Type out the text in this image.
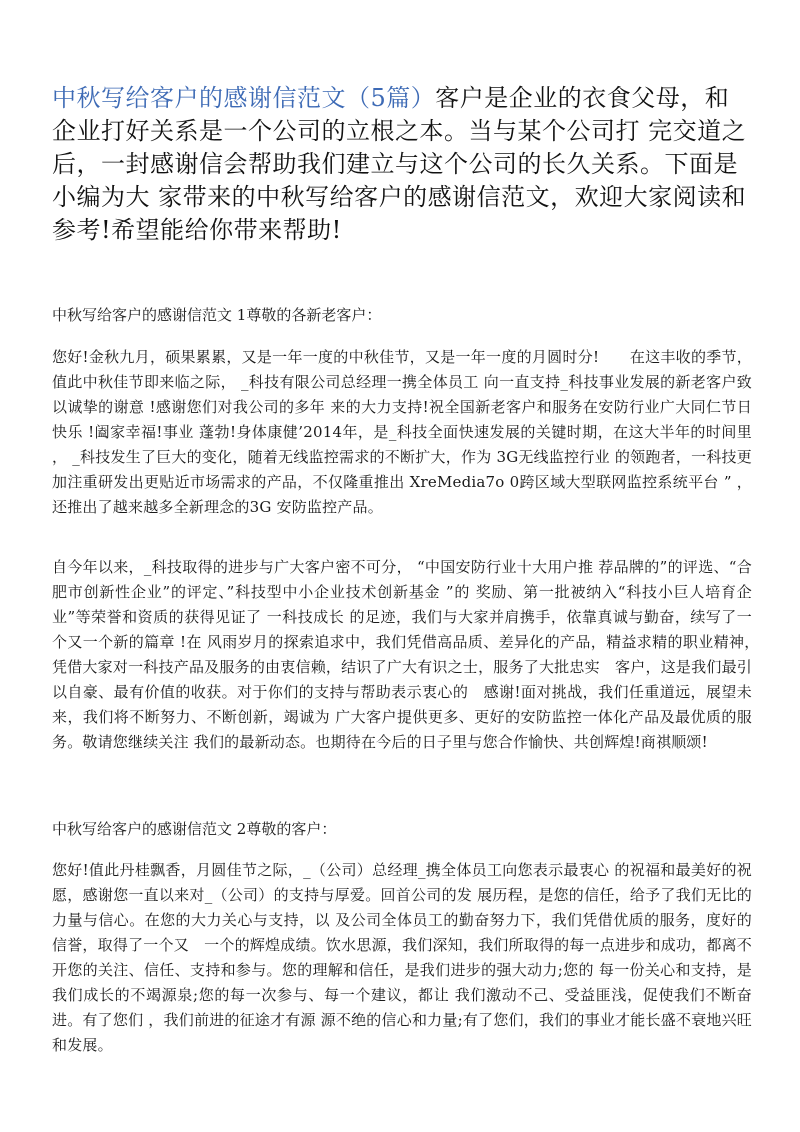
中秋写给客户的感谢信范文（5篇）客户是企业的衣食父母，和企业打好关系是一个公司的立根之本。当与某个公司打 完交道之后，一封感谢信会帮助我们建立与这个公司的长久关系。下面是小编为大 家带来的中秋写给客户的感谢信范文，欢迎大家阅读和参考!希望能给你带来帮助!
中秋写给客户的感谢信范文 1尊敬的各新老客户：
您好!金秋九月，硕果累累，又是一年一度的中秋佳节，又是一年一度的月圆时分!　　在这丰收的季节，值此中秋佳节即来临之际， _科技有限公司总经理一携全体员工 向一直支持_科技事业发展的新老客户致以诚挚的谢意 !感谢您们对我公司的多年 来的大力支持!祝全国新老客户和服务在安防行业广大同仁节日快乐 !阖家幸福!事业 蓬勃!身体康健’2014年，是_科技全面快速发展的关键时期，在这大半年的时间里 ， _科技发生了巨大的变化，随着无线监控需求的不断扩大，作为 3G无线监控行业 的领跑者，一科技更加注重研发出更贴近市场需求的产品，不仅隆重推出 XreMedia7o 0跨区域大型联网监控系统平台 ” ，还推出了越来越多全新理念的3G 安防监控产品。
自今年以来，_科技取得的进步与广大客户密不可分， “中国安防行业十大用户推 荐品牌的”的评选、“合肥市创新性企业”的评定、”科技型中小企业技术创新基金 ”的 奖励、第一批被纳入“科技小巨人培育企业”等荣誉和资质的获得见证了 一科技成长 的足迹，我们与大家并肩携手，依靠真诚与勤奋，续写了一个又一个新的篇章 !在 风雨岁月的探索追求中，我们凭借高品质、差异化的产品，精益求精的职业精神，　凭借大家对一科技产品及服务的由衷信赖，结识了广大有识之士，服务了大批忠实　客户，这是我们最引以自豪、最有价值的收获。对于你们的支持与帮助表示衷心的　感谢!面对挑战，我们任重道远，展望未来，我们将不断努力、不断创新，竭诚为 广大客户提供更多、更好的安防监控一体化产品及最优质的服务。敬请您继续关注 我们的最新动态。也期待在今后的日子里与您合作愉快、共创辉煌!商祺顺颂!
中秋写给客户的感谢信范文 2尊敬的客户：
您好!值此丹桂飘香，月圆佳节之际，_（公司）总经理_携全体员工向您表示最衷心 的祝福和最美好的祝愿，感谢您一直以来对_（公司）的支持与厚爱。回首公司的发 展历程，是您的信任，给予了我们无比的力量与信心。在您的大力关心与支持，以 及公司全体员工的勤奋努力下，我们凭借优质的服务，度好的信誉，取得了一个又　一个的辉煌成绩。饮水思源，我们深知，我们所取得的每一点进步和成功，都离不 开您的关注、信任、支持和参与。您的理解和信任，是我们进步的强大动力;您的 每一份关心和支持，是我们成长的不竭源泉;您的每一次参与、每一个建议，都让 我们激动不己、受益匪浅，促使我们不断奋进。有了您们 ，我们前进的征途才有源 源不绝的信心和力量;有了您们，我们的事业才能长盛不衰地兴旺和发展。
